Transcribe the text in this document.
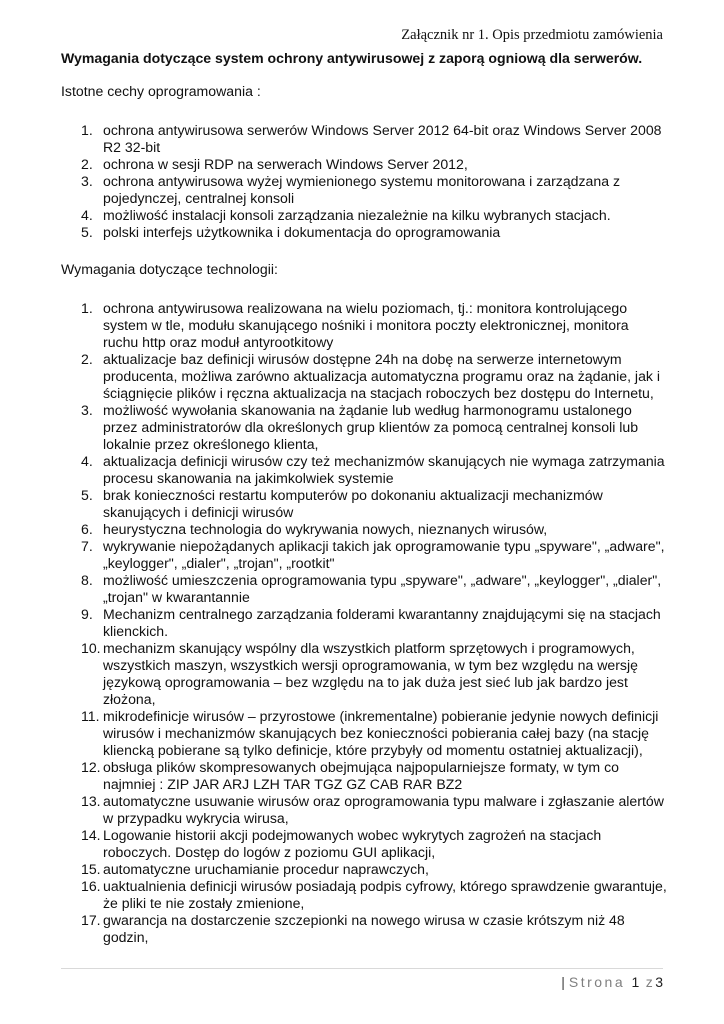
Załącznik nr 1. Opis przedmiotu zamówienia
Wymagania dotyczące system ochrony antywirusowej z zaporą ogniową dla serwerów.
Istotne cechy oprogramowania :
1. ochrona antywirusowa serwerów Windows Server 2012 64-bit oraz Windows Server 2008 R2 32-bit
2. ochrona w sesji RDP na serwerach Windows Server 2012,
3. ochrona antywirusowa wyżej wymienionego systemu monitorowana i zarządzana z pojedynczej, centralnej konsoli
4. możliwość instalacji konsoli zarządzania niezależnie na kilku wybranych stacjach.
5. polski interfejs użytkownika i dokumentacja do oprogramowania
Wymagania dotyczące technologii:
1. ochrona antywirusowa realizowana na wielu poziomach, tj.: monitora kontrolującego system w tle, modułu skanującego nośniki i monitora poczty elektronicznej, monitora ruchu http oraz moduł antyrootkitowy
2. aktualizacje baz definicji wirusów dostępne 24h na dobę na serwerze internetowym producenta, możliwa zarówno aktualizacja automatyczna programu oraz na żądanie, jak i ściągnięcie plików i ręczna aktualizacja na stacjach roboczych bez dostępu do Internetu,
3. możliwość wywołania skanowania na żądanie lub według harmonogramu ustalonego przez administratorów dla określonych grup klientów za pomocą centralnej konsoli lub lokalnie przez określonego klienta,
4. aktualizacja definicji wirusów czy też mechanizmów skanujących nie wymaga zatrzymania procesu skanowania na jakimkolwiek systemie
5. brak konieczności restartu komputerów po dokonaniu aktualizacji mechanizmów skanujących i definicji wirusów
6. heurystyczna technologia do wykrywania nowych, nieznanych wirusów,
7. wykrywanie niepożądanych aplikacji takich jak oprogramowanie typu „spyware", „adware", „keylogger", „dialer", „trojan", „rootkit"
8. możliwość umieszczenia oprogramowania typu „spyware", „adware", „keylogger", „dialer", „trojan" w kwarantannie
9. Mechanizm centralnego zarządzania folderami kwarantanny znajdującymi się na stacjach klienckich.
10. mechanizm skanujący wspólny dla wszystkich platform sprzętowych i programowych, wszystkich maszyn, wszystkich wersji oprogramowania, w tym bez względu na wersję językową oprogramowania – bez względu na to jak duża jest sieć lub jak bardzo jest złożona,
11. mikrodefinicje wirusów – przyrostowe (inkrementalne) pobieranie jedynie nowych definicji wirusów i mechanizmów skanujących bez konieczności pobierania całej bazy (na stację kliencką pobierane są tylko definicje, które przybyły od momentu ostatniej aktualizacji),
12. obsługa plików skompresowanych obejmująca najpopularniejsze formaty, w tym co najmniej : ZIP JAR ARJ LZH TAR TGZ GZ CAB RAR BZ2
13. automatyczne usuwanie wirusów oraz oprogramowania typu malware i zgłaszanie alertów w przypadku wykrycia wirusa,
14. Logowanie historii akcji podejmowanych wobec wykrytych zagrożeń na stacjach roboczych. Dostęp do logów z poziomu GUI aplikacji,
15. automatyczne uruchamianie procedur naprawczych,
16. uaktualnienia definicji wirusów posiadają podpis cyfrowy, którego sprawdzenie gwarantuje, że pliki te nie zostały zmienione,
17. gwarancja na dostarczenie szczepionki na nowego wirusa w czasie krótszym niż 48 godzin,
| Strona 1 z3
